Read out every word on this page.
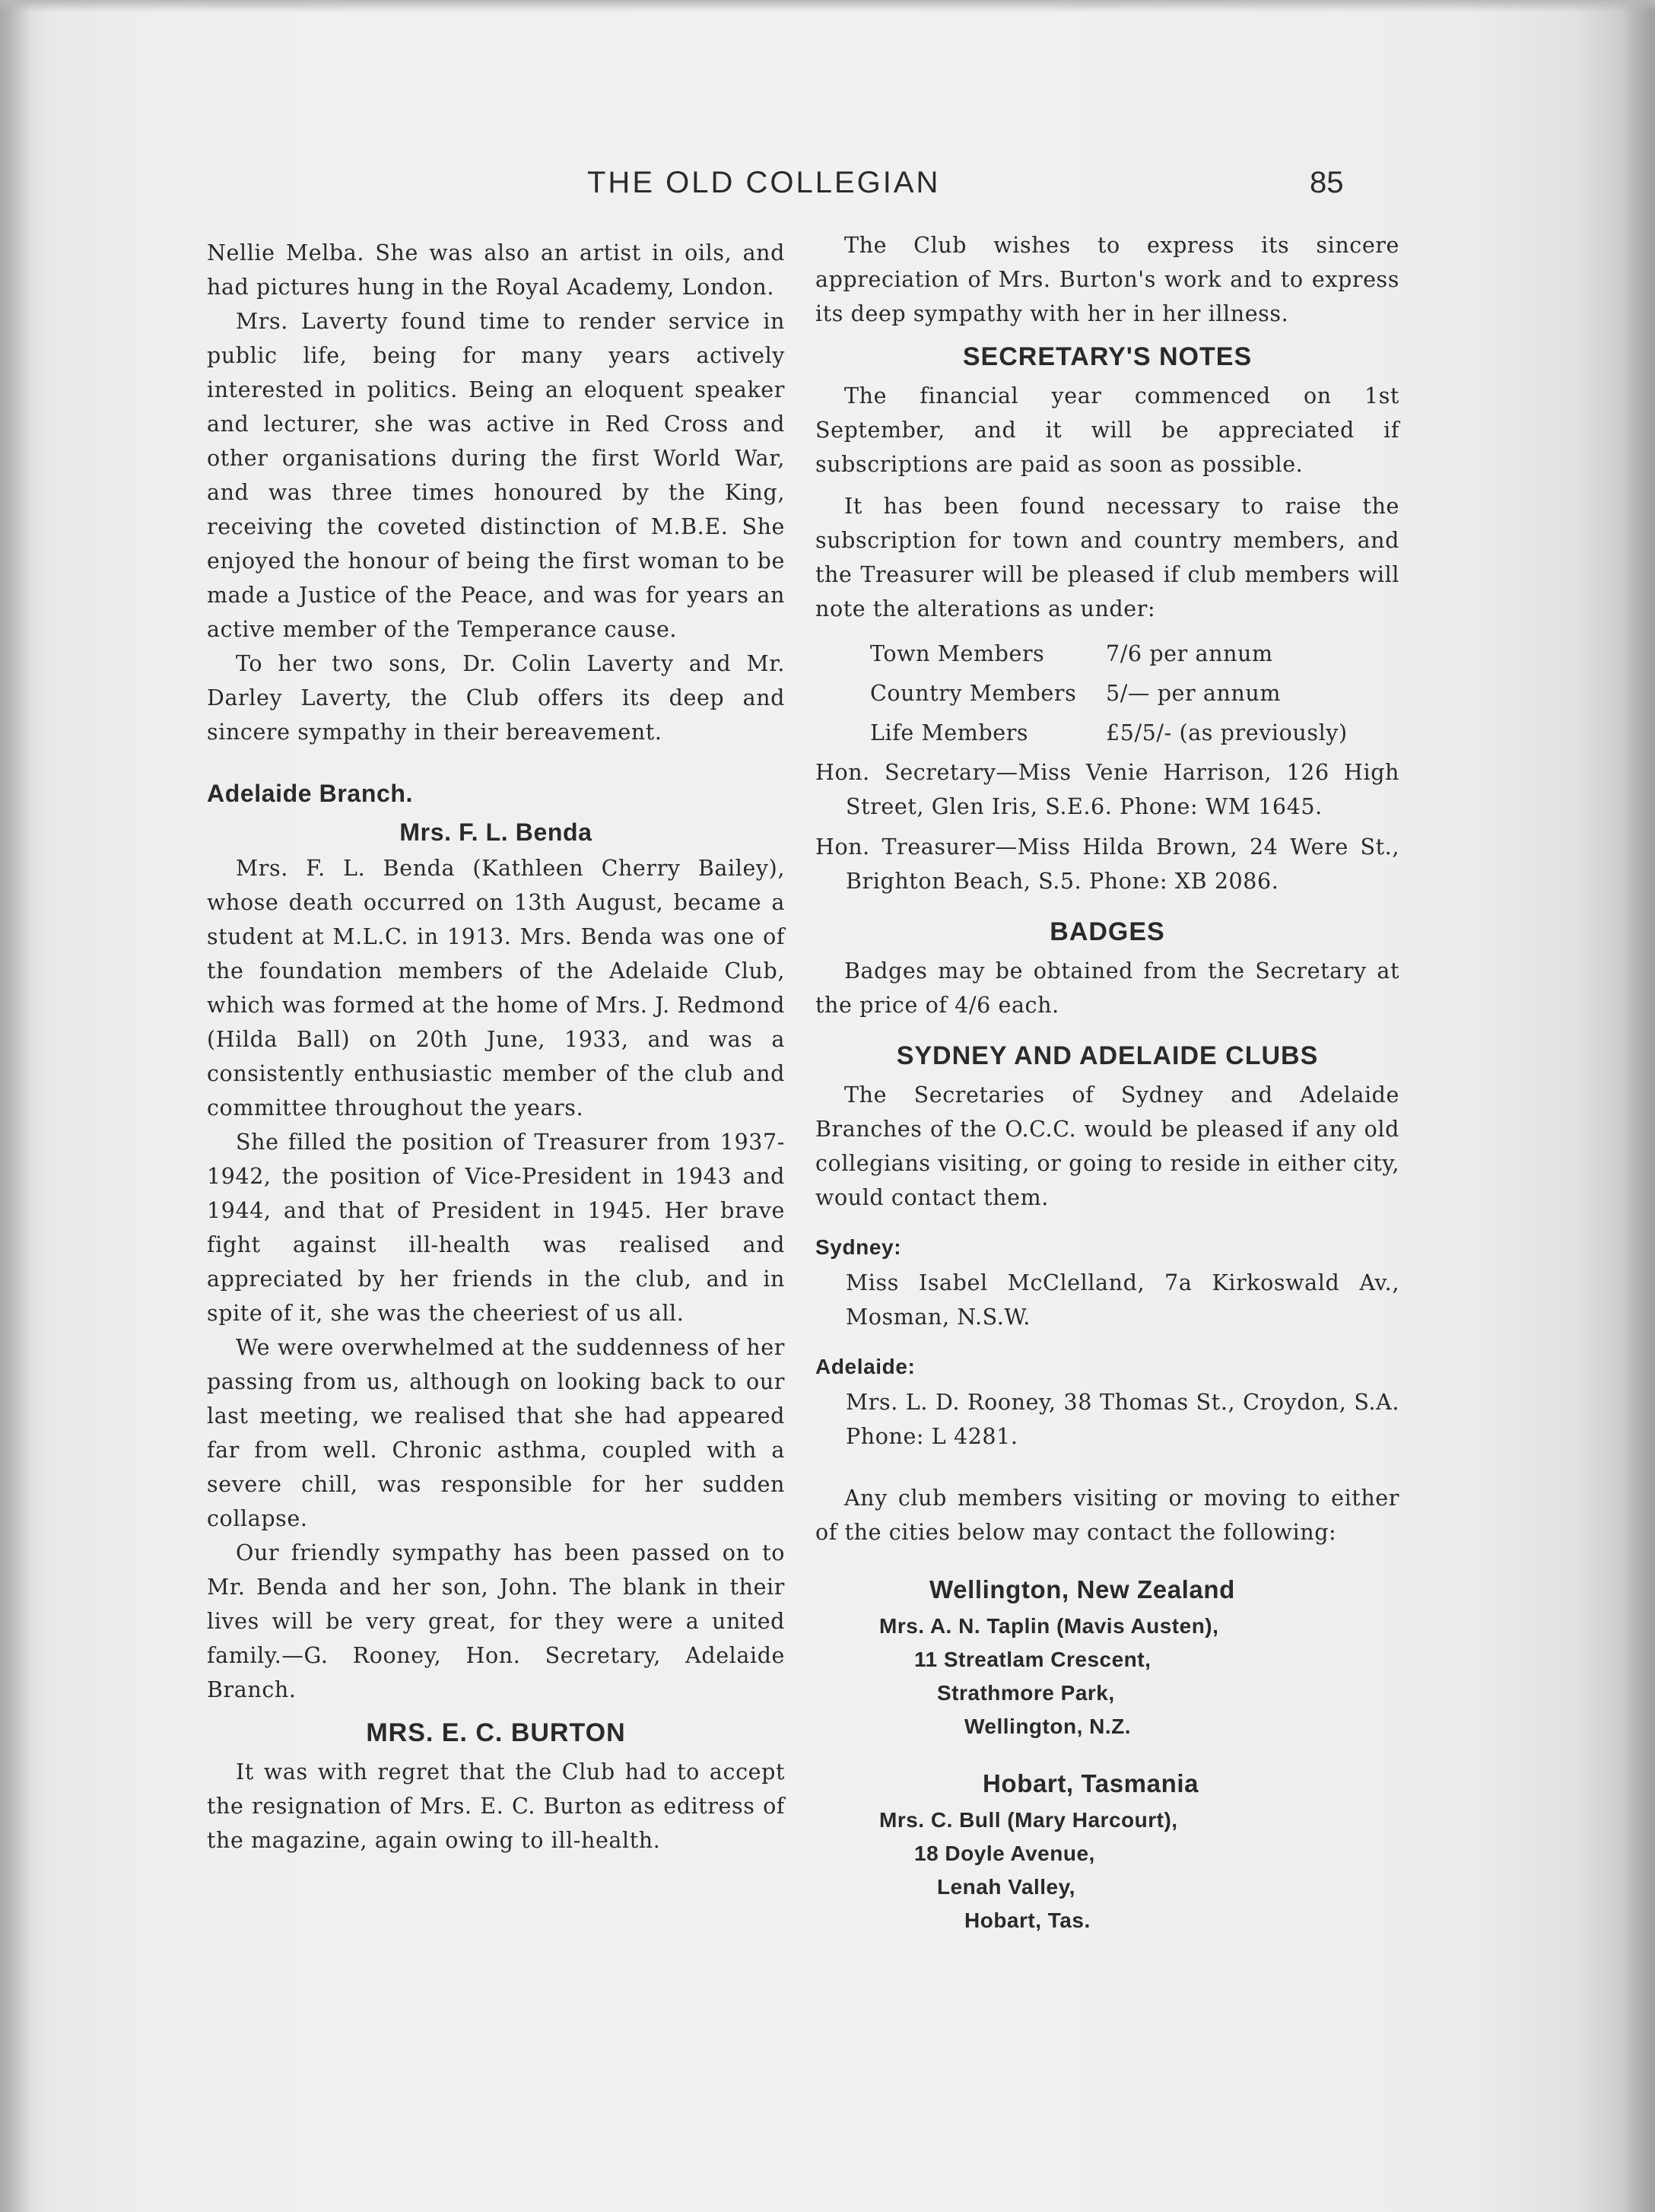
THE OLD COLLEGIAN	85

Nellie Melba. She was also an artist in oils, and had pictures hung in the Royal Academy, London.

Mrs. Laverty found time to render service in public life, being for many years actively interested in politics. Being an eloquent speaker and lecturer, she was active in Red Cross and other organisations during the first World War, and was three times honoured by the King, receiving the coveted distinction of M.B.E. She enjoyed the honour of being the first woman to be made a Justice of the Peace, and was for years an active member of the Temperance cause.

To her two sons, Dr. Colin Laverty and Mr. Darley Laverty, the Club offers its deep and sincere sympathy in their bereavement.

Adelaide Branch.
Mrs. F. L. Benda

Mrs. F. L. Benda (Kathleen Cherry Bailey), whose death occurred on 13th August, became a student at M.L.C. in 1913. Mrs. Benda was one of the foundation members of the Adelaide Club, which was formed at the home of Mrs. J. Redmond (Hilda Ball) on 20th June, 1933, and was a consistently enthusiastic member of the club and committee throughout the years.

She filled the position of Treasurer from 1937-1942, the position of Vice-President in 1943 and 1944, and that of President in 1945. Her brave fight against ill-health was realised and appreciated by her friends in the club, and in spite of it, she was the cheeriest of us all.

We were overwhelmed at the suddenness of her passing from us, although on looking back to our last meeting, we realised that she had appeared far from well. Chronic asthma, coupled with a severe chill, was responsible for her sudden collapse.

Our friendly sympathy has been passed on to Mr. Benda and her son, John. The blank in their lives will be very great, for they were a united family.—G. Rooney, Hon. Secretary, Adelaide Branch.

MRS. E. C. BURTON

It was with regret that the Club had to accept the resignation of Mrs. E. C. Burton as editress of the magazine, again owing to ill-health.

The Club wishes to express its sincere appreciation of Mrs. Burton's work and to express its deep sympathy with her in her illness.

SECRETARY'S NOTES

The financial year commenced on 1st September, and it will be appreciated if subscriptions are paid as soon as possible.

It has been found necessary to raise the subscription for town and country members, and the Treasurer will be pleased if club members will note the alterations as under:

Town Members	7/6 per annum
Country Members	5/— per annum
Life Members	£5/5/- (as previously)

Hon. Secretary—Miss Venie Harrison, 126 High Street, Glen Iris, S.E.6. Phone: WM 1645.

Hon. Treasurer—Miss Hilda Brown, 24 Were St., Brighton Beach, S.5. Phone: XB 2086.

BADGES

Badges may be obtained from the Secretary at the price of 4/6 each.

SYDNEY AND ADELAIDE CLUBS

The Secretaries of Sydney and Adelaide Branches of the O.C.C. would be pleased if any old collegians visiting, or going to reside in either city, would contact them.

Sydney:

Miss Isabel McClelland, 7a Kirkoswald Av., Mosman, N.S.W.

Adelaide:

Mrs. L. D. Rooney, 38 Thomas St., Croydon, S.A. Phone: L 4281.

Any club members visiting or moving to either of the cities below may contact the following:

Wellington, New Zealand
Mrs. A. N. Taplin (Mavis Austen),
11 Streatlam Crescent,
Strathmore Park,
Wellington, N.Z.
Hobart, Tasmania
Mrs. C. Bull (Mary Harcourt),
18 Doyle Avenue,
Lenah Valley,
Hobart, Tas.
